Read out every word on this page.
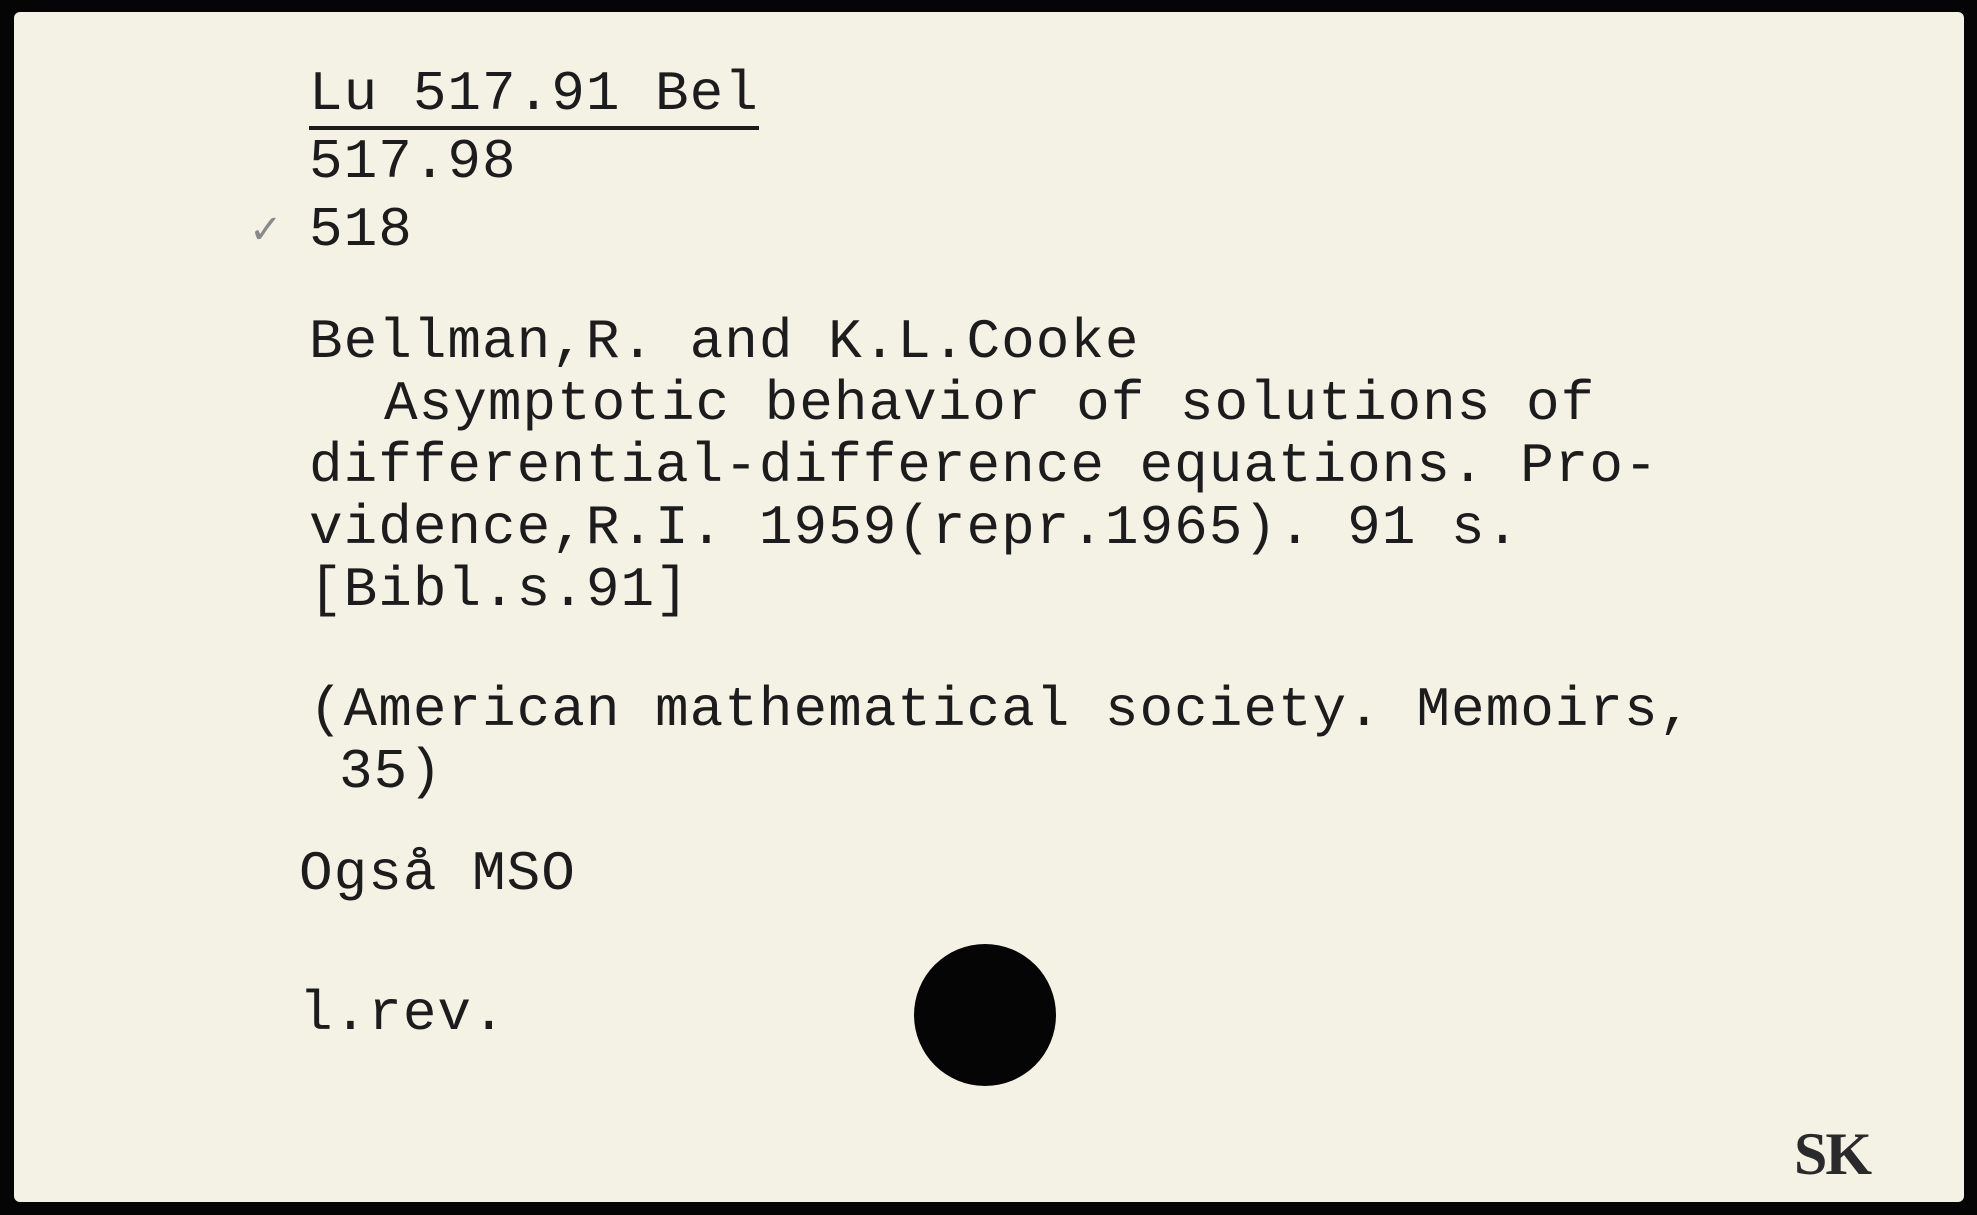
✓
Lu 517.91 Bel
517.98
518
Bellman,R. and K.L.Cooke
Asymptotic behavior of solutions of
differential-difference equations. Pro-
vidence,R.I. 1959(repr.1965). 91 s.
[Bibl.s.91]
(American mathematical society. Memoirs,
35)
Også MSO
l.rev.
SK
